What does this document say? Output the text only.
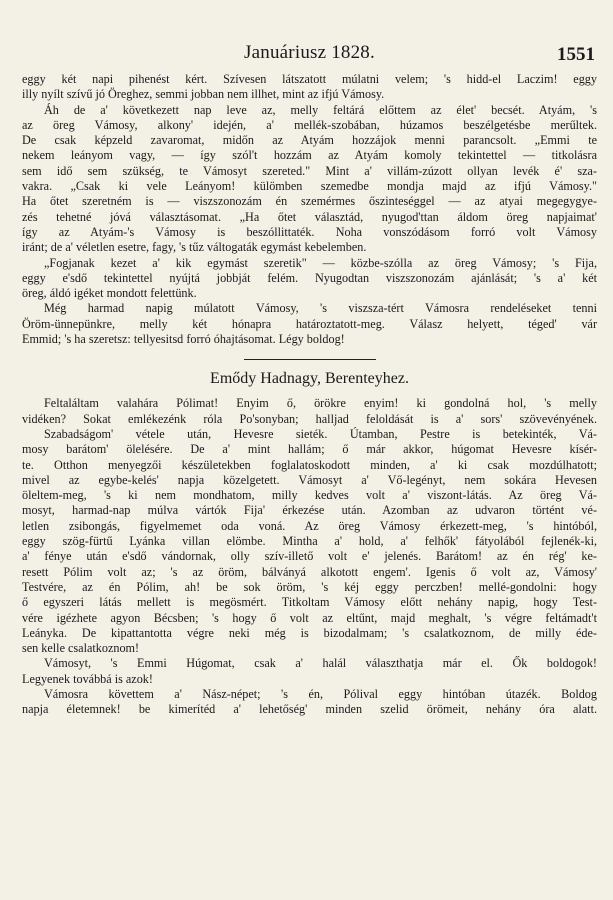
Januáriusz 1828.	1551
eggy két napi pihenést kért. Szívesen látszatott múlatni velem; 's hidd-el Laczim! eggy
illy nyílt szívű jó Öreghez, semmi jobban nem illhet, mint az ifjú Vámosy.
Áh de a' következett nap leve az, melly feltárá előttem az élet' becsét. Atyám, 's
az öreg Vámosy, alkony' idején, a' mellék-szobában, húzamos beszélgetésbe merűltek.
De csak képzeld zavaromat, midőn az Atyám hozzájok menni parancsolt. „Emmi te
nekem leányom vagy, — így szól't hozzám az Atyám komoly tekintettel — titkolásra
sem idő sem szükség, te Vámosyt szereted." Mint a' villám-zúzott ollyan levék é' sza-
vakra. „Csak ki vele Leányom! külömben szemedbe mondja majd az ifjú Vámosy."
Ha őtet szeretném is — viszszonozám én szemérmes őszinteséggel — az atyai megegygye-
zés tehetné jóvá választásomat. „Ha őtet választád, nyugod'ttan áldom öreg napjaimat'
így az Atyám-'s Vámosy is beszóllittaték. Noha vonszódásom forró volt Vámosy
iránt; de a' véletlen esetre, fagy, 's tűz váltogaták egymást kebelemben.
„Fogjanak kezet a' kik egymást szeretik" — közbe-szólla az öreg Vámosy; 's Fija,
eggy e'sdő tekintettel nyújtá jobbját felém. Nyugodtan viszszonozám ajánlását; 's a' két
öreg, áldó igéket mondott felettünk.
Még harmad napig múlatott Vámosy, 's viszsza-tért Vámosra rendeléseket tenni
Öröm-ünnepünkre, melly két hónapra határoztatott-meg. Válasz helyett, téged' vár
Emmid; 's ha szeretsz: tellyesitsd forró óhajtásomat. Légy boldog!
Emődy Hadnagy, Berenteyhez.
Feltaláltam valahára Pólimat! Enyim ő, örökre enyim! ki gondolná hol, 's melly
vidéken? Sokat emlékezénk róla Po'sonyban; halljad feloldását is a' sors' szövevényének.
Szabadságom' vétele után, Hevesre sieték. Útamban, Pestre is betekinték, Vá-
mosy barátom' ölelésére. De a' mint hallám; ő már akkor, húgomat Hevesre kísér-
te. Otthon menyegzői készületekben foglalatoskodott minden, a' ki csak mozdúlhatott;
mivel az egybe-kelés' napja közelgetett. Vámosyt a' Vő-legényt, nem sokára Hevesen
öleltem-meg, 's ki nem mondhatom, milly kedves volt a' viszont-látás. Az öreg Vá-
mosyt, harmad-nap múlva vártók Fija' érkezése után. Azomban az udvaron történt vé-
letlen zsibongás, figyelmemet oda voná. Az öreg Vámosy érkezett-meg, 's hintóból,
eggy szög-fürtű Lyánka villan elömbe. Mintha a' hold, a' felhők' fátyolából fejlenék-ki,
a' fénye után e'sdő vándornak, olly szív-illető volt e' jelenés. Barátom! az én rég' ke-
resett Pólim volt az; 's az öröm, bálványá alkotott engem'. Igenis ő volt az, Vámosy'
Testvére, az én Pólim, ah! be sok öröm, 's kéj eggy perczben! mellé-gondolni: hogy
ő egyszeri látás mellett is megösmért. Titkoltam Vámosy előtt nehány napig, hogy Test-
vére igézhete agyon Bécsben; 's hogy ő volt az eltűnt, majd meghalt, 's végre feltámadt't
Leányka. De kipattantotta végre neki még is bizodalmam; 's csalatkoznom, de milly éde-
sen kelle csalatkoznom!
Vámosyt, 's Emmi Húgomat, csak a' halál választhatja már el. Ők boldogok!
Legyenek továbbá is azok!
Vámosra követtem a' Nász-népet; 's én, Pólival eggy hintóban útazék. Boldog
napja életemnek! be kimerítéd a' lehetőség' minden szelid örömeit, nehány óra alatt.
